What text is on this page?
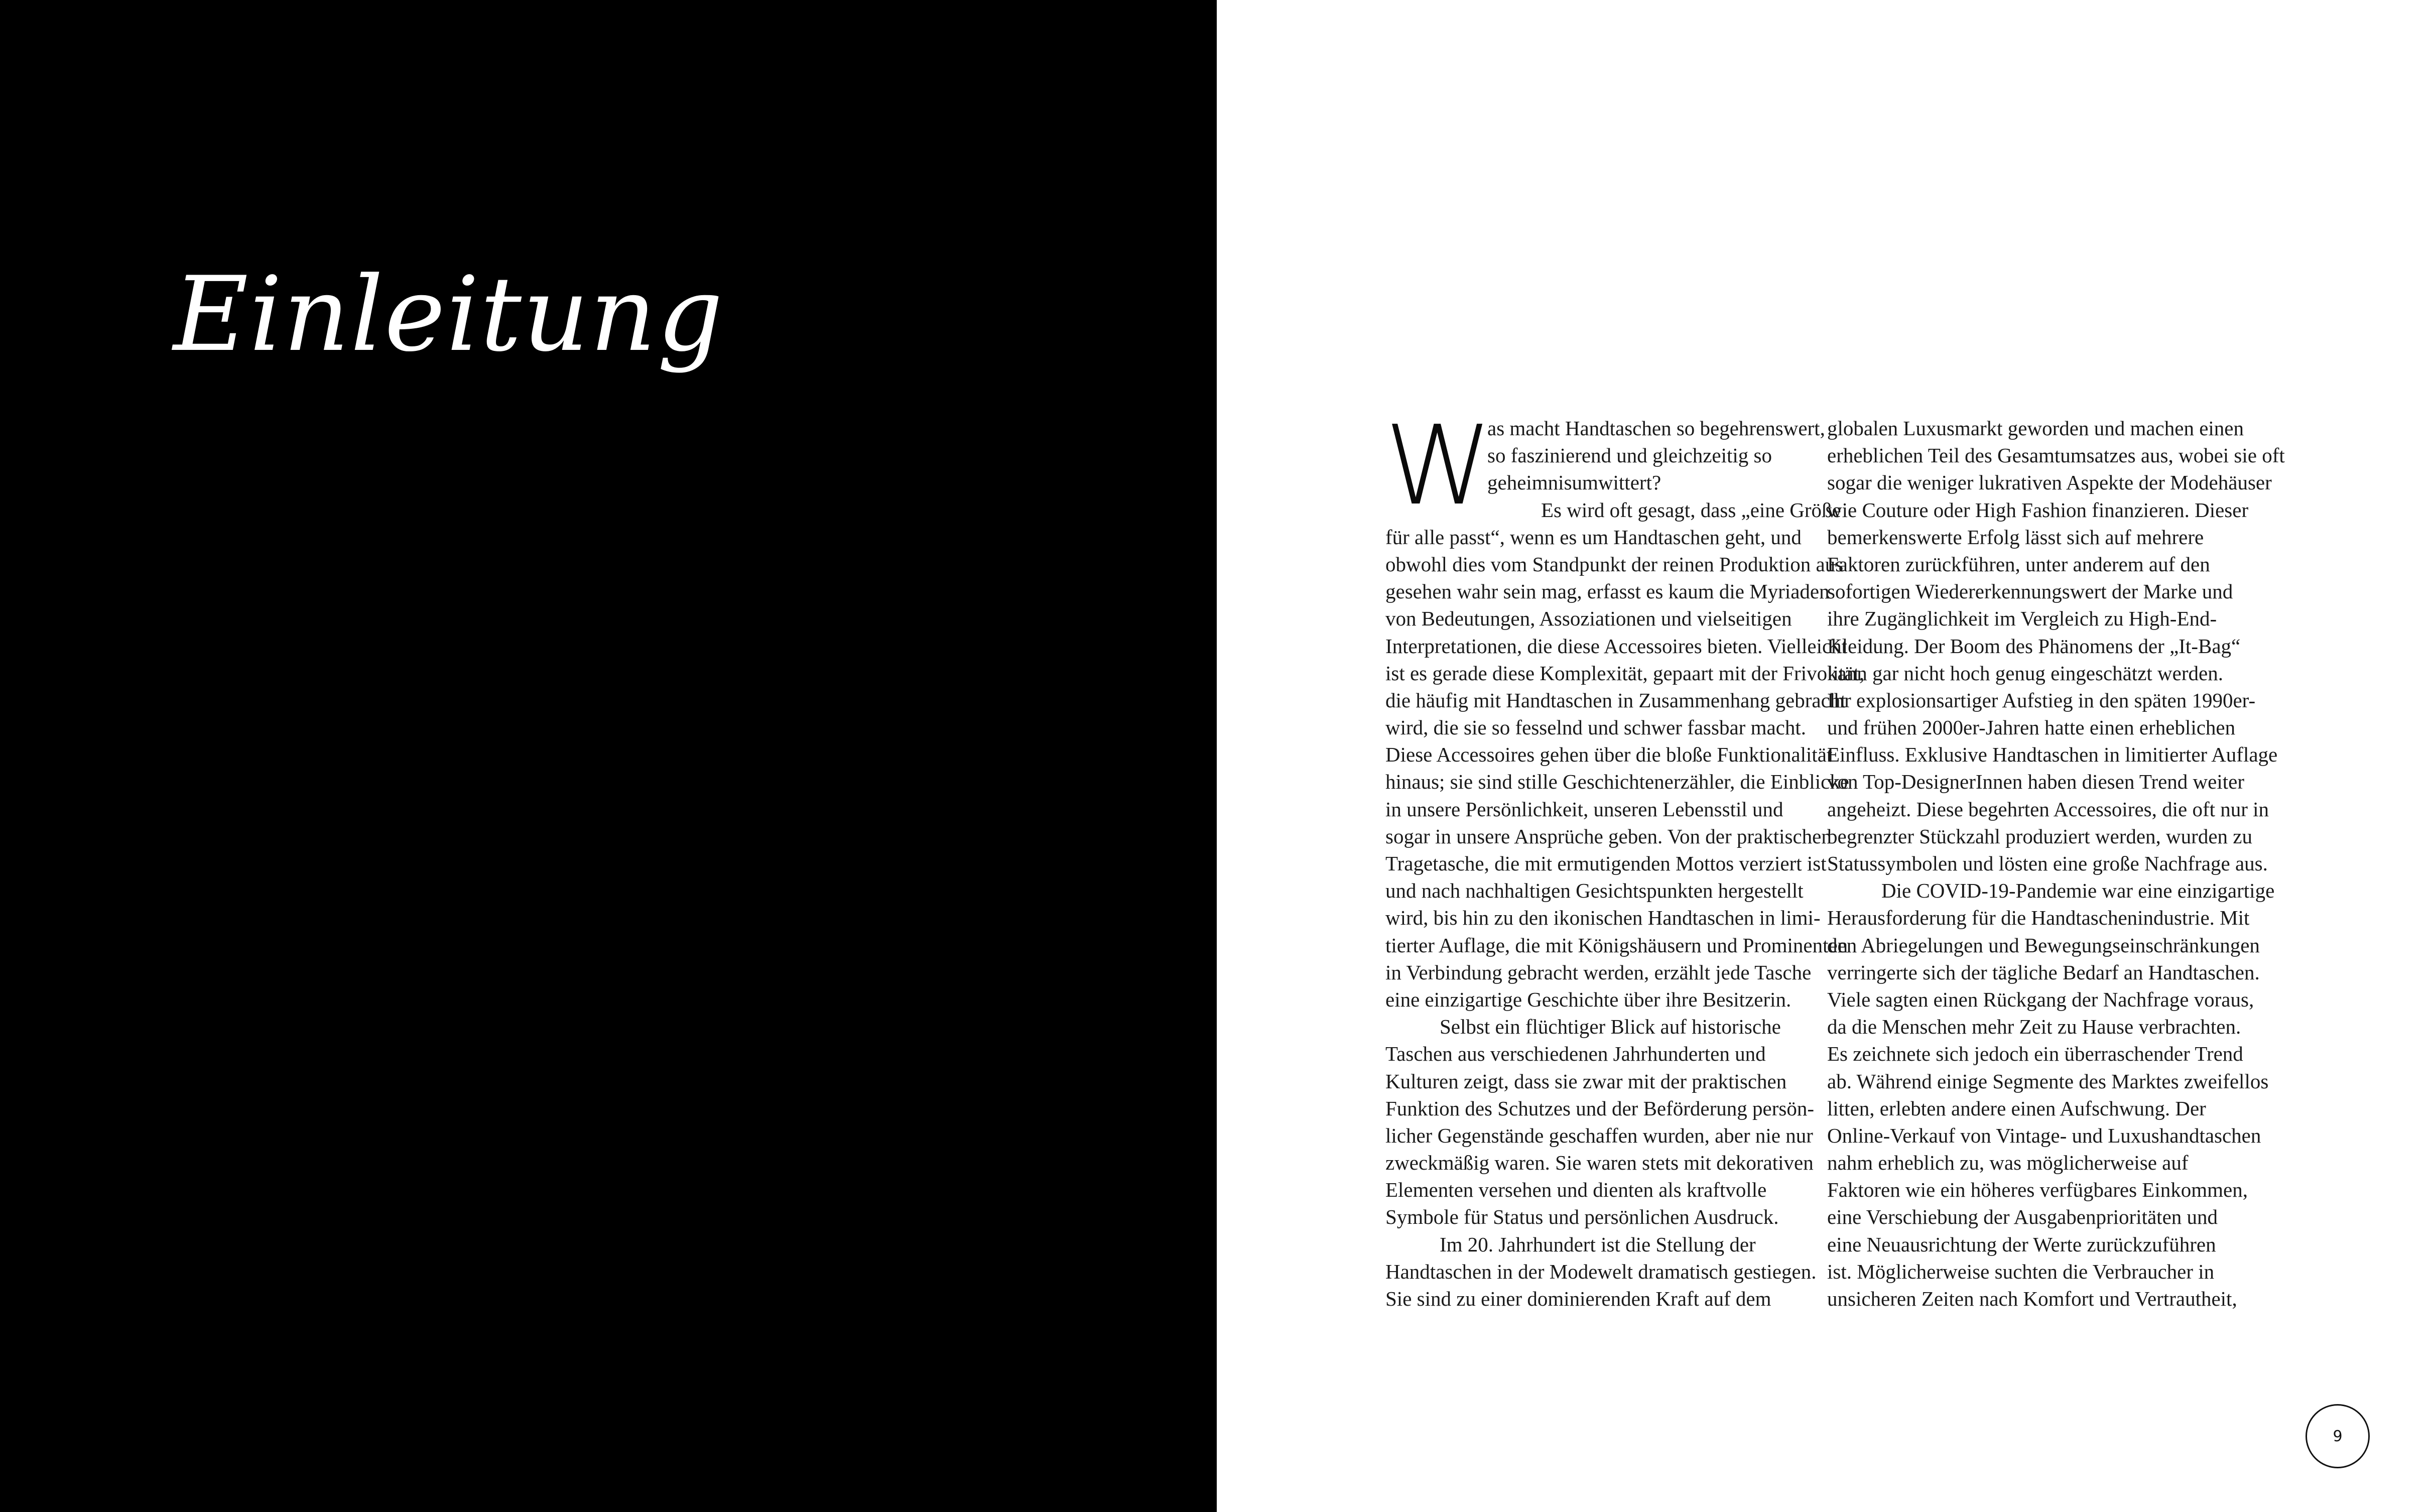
Einleitung
W
as macht Handtaschen so begehrenswert,
so faszinierend und gleichzeitig so
geheimnisumwittert?
Es wird oft gesagt, dass „eine Größe
für alle passt“, wenn es um Handtaschen geht, und
obwohl dies vom Standpunkt der reinen Produktion aus
gesehen wahr sein mag, erfasst es kaum die Myriaden
von Bedeutungen, Assoziationen und vielseitigen
Interpretationen, die diese Accessoires bieten. Vielleicht
ist es gerade diese Komplexität, gepaart mit der Frivolität,
die häufig mit Handtaschen in Zusammenhang gebracht
wird, die sie so fesselnd und schwer fassbar macht.
Diese Accessoires gehen über die bloße Funktionalität
hinaus; sie sind stille Geschichtenerzähler, die Einblicke
in unsere Persönlichkeit, unseren Lebensstil und
sogar in unsere Ansprüche geben. Von der praktischen
Tragetasche, die mit ermutigenden Mottos verziert ist
und nach nachhaltigen Gesichtspunkten hergestellt
wird, bis hin zu den ikonischen Handtaschen in limi-
tierter Auflage, die mit Königshäusern und Prominenten
in Verbindung gebracht werden, erzählt jede Tasche
eine einzigartige Geschichte über ihre Besitzerin.
Selbst ein flüchtiger Blick auf historische
Taschen aus verschiedenen Jahrhunderten und
Kulturen zeigt, dass sie zwar mit der praktischen
Funktion des Schutzes und der Beförderung persön-
licher Gegenstände geschaffen wurden, aber nie nur
zweckmäßig waren. Sie waren stets mit dekorativen
Elementen versehen und dienten als kraftvolle
Symbole für Status und persönlichen Ausdruck.
Im 20. Jahrhundert ist die Stellung der
Handtaschen in der Modewelt dramatisch gestiegen.
Sie sind zu einer dominierenden Kraft auf dem
globalen Luxusmarkt geworden und machen einen
erheblichen Teil des Gesamtumsatzes aus, wobei sie oft
sogar die weniger lukrativen Aspekte der Modehäuser
wie Couture oder High Fashion finanzieren. Dieser
bemerkenswerte Erfolg lässt sich auf mehrere
Faktoren zurückführen, unter anderem auf den
sofortigen Wiedererkennungswert der Marke und
ihre Zugänglichkeit im Vergleich zu High-End-
Kleidung. Der Boom des Phänomens der „It-Bag“
kann gar nicht hoch genug eingeschätzt werden.
Ihr explosionsartiger Aufstieg in den späten 1990er-
und frühen 2000er-Jahren hatte einen erheblichen
Einfluss. Exklusive Handtaschen in limitierter Auflage
von Top-DesignerInnen haben diesen Trend weiter
angeheizt. Diese begehrten Accessoires, die oft nur in
begrenzter Stückzahl produziert werden, wurden zu
Statussymbolen und lösten eine große Nachfrage aus.
Die COVID-19-Pandemie war eine einzigartige
Herausforderung für die Handtaschenindustrie. Mit
den Abriegelungen und Bewegungseinschränkungen
verringerte sich der tägliche Bedarf an Handtaschen.
Viele sagten einen Rückgang der Nachfrage voraus,
da die Menschen mehr Zeit zu Hause verbrachten.
Es zeichnete sich jedoch ein überraschender Trend
ab. Während einige Segmente des Marktes zweifellos
litten, erlebten andere einen Aufschwung. Der
Online-Verkauf von Vintage- und Luxushandtaschen
nahm erheblich zu, was möglicherweise auf
Faktoren wie ein höheres verfügbares Einkommen,
eine Verschiebung der Ausgabenprioritäten und
eine Neuausrichtung der Werte zurückzuführen
ist. Möglicherweise suchten die Verbraucher in
unsicheren Zeiten nach Komfort und Vertrautheit,
9
